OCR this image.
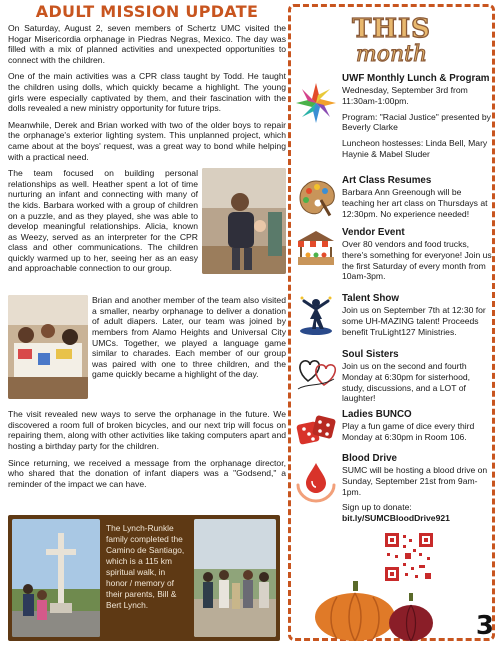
ADULT MISSION UPDATE
On Saturday, August 2, seven members of Schertz UMC visited the Hogar Misericordia orphanage in Piedras Negras, Mexico. The day was filled with a mix of planned activities and unexpected opportunities to connect with the children.
One of the main activities was a CPR class taught by Todd. He taught the children using dolls, which quickly became a highlight. The young girls were especially captivated by them, and their fascination with the dolls revealed a new ministry opportunity for future trips.
Meanwhile, Derek and Brian worked with two of the older boys to repair the orphanage's exterior lighting system. This unplanned project, which came about at the boys' request, was a great way to bond while helping with a practical need.
The team focused on building personal relationships as well. Heather spent a lot of time nurturing an infant and connecting with many of the kids. Barbara worked with a group of children on a puzzle, and as they played, she was able to develop meaningful relationships. Alicia, known as Weezy, served as an interpreter for the CPR class and other communications. The children quickly warmed up to her, seeing her as an easy and approachable connection to our group.
Brian and another member of the team also visited a smaller, nearby orphanage to deliver a donation of adult diapers. Later, our team was joined by members from Alamo Heights and Universal City UMCs. Together, we played a language game similar to charades. Each member of our group was paired with one to three children, and the game quickly became a highlight of the day.
The visit revealed new ways to serve the orphanage in the future. We discovered a room full of broken bicycles, and our next trip will focus on repairing them, along with other activities like taking computers apart and hosting a birthday party for the children.
Since returning, we received a message from the orphanage director, who shared that the donation of infant diapers was a "Godsend," a reminder of the impact we can have.
The Lynch-Runkle family completed the Camino de Santiago, which is a 115 km spiritual walk, in honor / memory of their parents, Bill & Bert Lynch.
THIS
month
UWF Monthly Lunch & Program
Wednesday, September 3rd from 11:30am-1:00pm.
Program: "Racial Justice" presented by Beverly Clarke
Luncheon hostesses: Linda Bell, Mary Haynie & Mabel Sluder
Art Class Resumes
Barbara Ann Greenough will be teaching her art class on Thursdays at 12:30pm. No experience needed!
Vendor Event
Over 80 vendors and food trucks, there's something for everyone! Join us the first Saturday of every month from 10am-3pm.
Talent Show
Join us on September 7th at 12:30 for some UH-MAZING talent! Proceeds benefit TruLight127 Ministries.
Soul Sisters
Join us on the second and fourth Monday at 6:30pm for sisterhood, study, discussions, and a LOT of laughter!
Ladies BUNCO
Play a fun game of dice every third Monday at 6:30pm in Room 106.
Blood Drive
SUMC will be hosting a blood drive on Sunday, September 21st from 9am-1pm.
Sign up to donate:
bit.ly/SUMCBloodDrive921
3
